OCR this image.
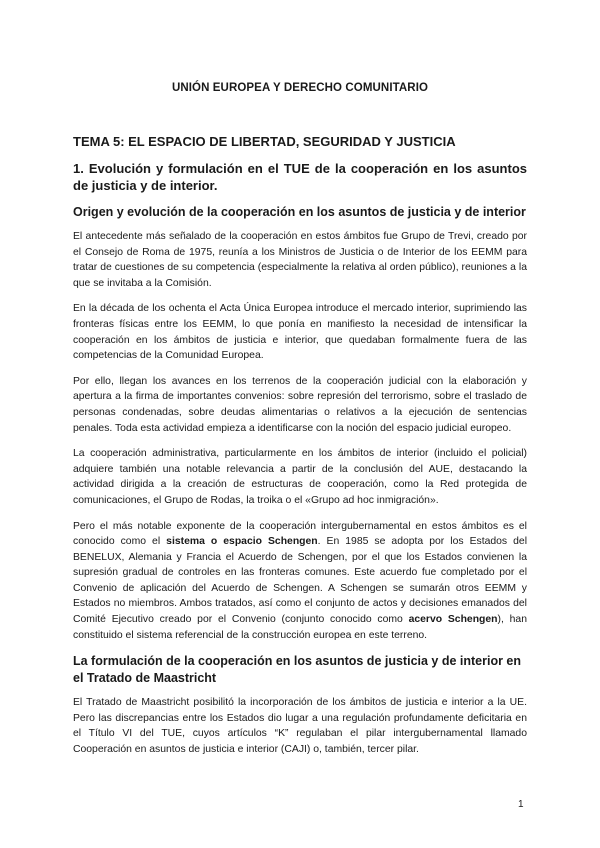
UNIÓN EUROPEA Y DERECHO COMUNITARIO
TEMA 5: EL ESPACIO DE LIBERTAD, SEGURIDAD Y JUSTICIA
1. Evolución y formulación en el TUE de la cooperación en los asuntos de justicia y de interior.
Origen y evolución de la cooperación en los asuntos de justicia y de interior
El antecedente más señalado de la cooperación en estos ámbitos fue Grupo de Trevi, creado por el Consejo de Roma de 1975, reunía a los Ministros de Justicia o de Interior de los EEMM para tratar de cuestiones de su competencia (especialmente la relativa al orden público), reuniones a la que se invitaba a la Comisión.
En la década de los ochenta el Acta Única Europea introduce el mercado interior, suprimiendo las fronteras físicas entre los EEMM, lo que ponía en manifiesto la necesidad de intensificar la cooperación en los ámbitos de justicia e interior, que quedaban formalmente fuera de las competencias de la Comunidad Europea.
Por ello, llegan los avances en los terrenos de la cooperación judicial con la elaboración y apertura a la firma de importantes convenios: sobre represión del terrorismo, sobre el traslado de personas condenadas, sobre deudas alimentarias o relativos a la ejecución de sentencias penales. Toda esta actividad empieza a identificarse con la noción del espacio judicial europeo.
La cooperación administrativa, particularmente en los ámbitos de interior (incluido el policial) adquiere también una notable relevancia a partir de la conclusión del AUE, destacando la actividad dirigida a la creación de estructuras de cooperación, como la Red protegida de comunicaciones, el Grupo de Rodas, la troika o el «Grupo ad hoc inmigración».
Pero el más notable exponente de la cooperación intergubernamental en estos ámbitos es el conocido como el sistema o espacio Schengen. En 1985 se adopta por los Estados del BENELUX, Alemania y Francia el Acuerdo de Schengen, por el que los Estados convienen la supresión gradual de controles en las fronteras comunes. Este acuerdo fue completado por el Convenio de aplicación del Acuerdo de Schengen. A Schengen se sumarán otros EEMM y Estados no miembros. Ambos tratados, así como el conjunto de actos y decisiones emanados del Comité Ejecutivo creado por el Convenio (conjunto conocido como acervo Schengen), han constituido el sistema referencial de la construcción europea en este terreno.
La formulación de la cooperación en los asuntos de justicia y de interior en el Tratado de Maastricht
El Tratado de Maastricht posibilitó la incorporación de los ámbitos de justicia e interior a la UE. Pero las discrepancias entre los Estados dio lugar a una regulación profundamente deficitaria en el Título VI del TUE, cuyos artículos “K” regulaban el pilar intergubernamental llamado Cooperación en asuntos de justicia e interior (CAJI) o, también, tercer pilar.
1
